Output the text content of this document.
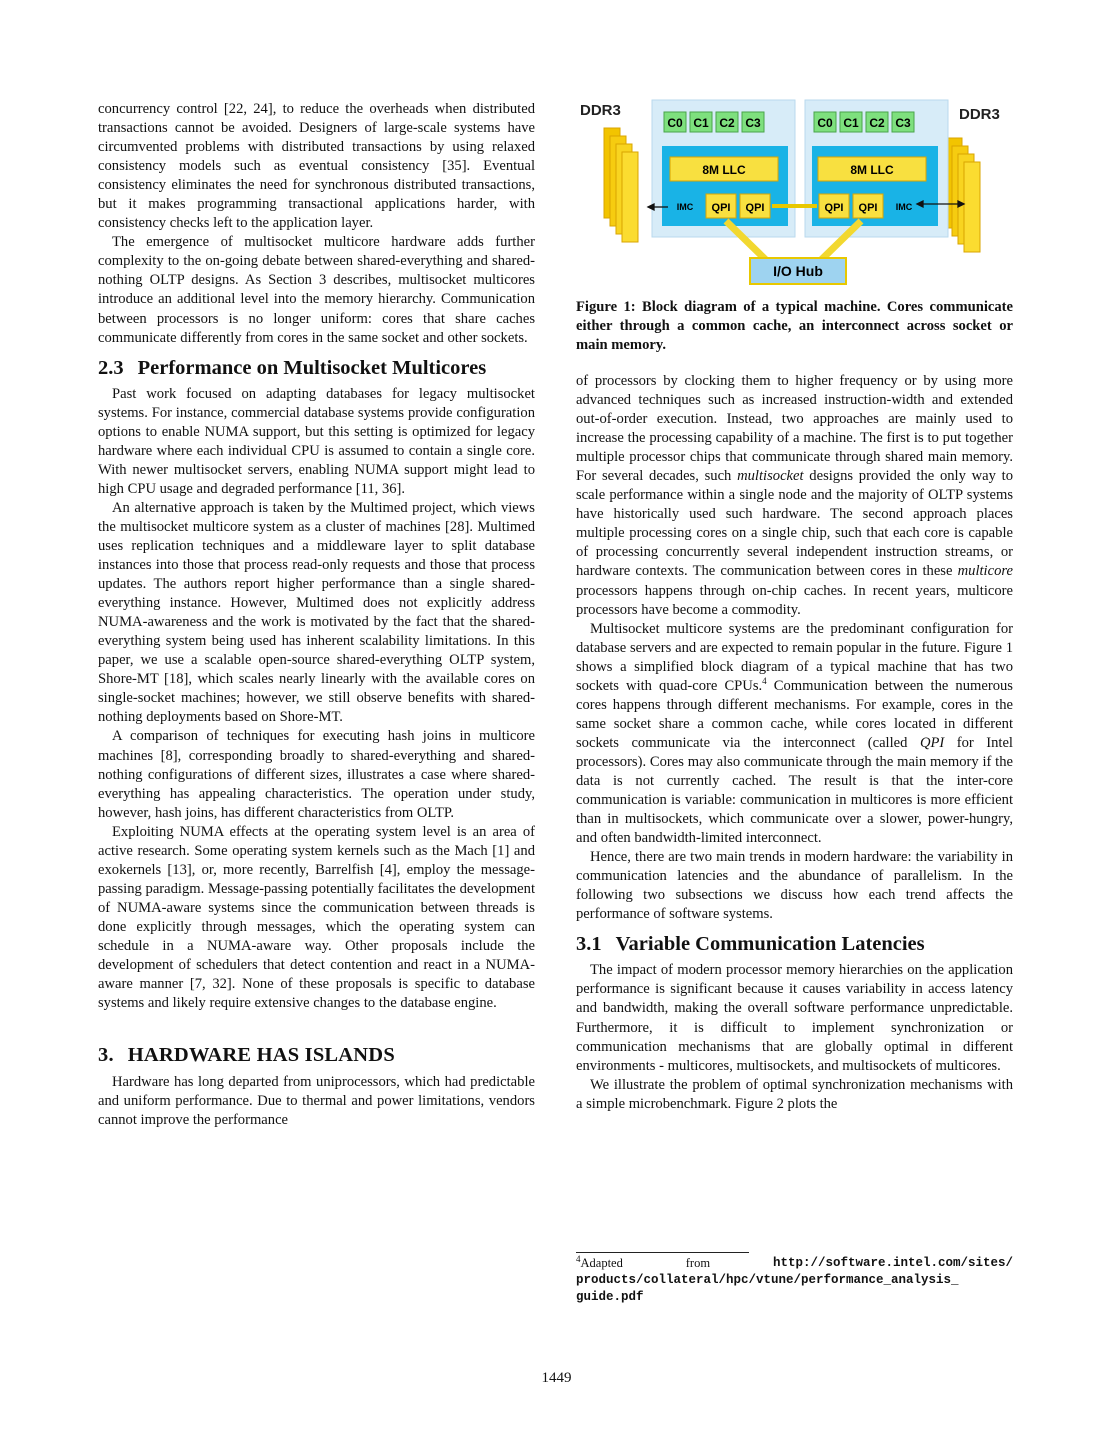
concurrency control [22, 24], to reduce the overheads when distributed transactions cannot be avoided. Designers of large-scale systems have circumvented problems with distributed transactions by using relaxed consistency models such as eventual consistency [35]. Eventual consistency eliminates the need for synchronous distributed transactions, but it makes programming transactional applications harder, with consistency checks left to the application layer.

The emergence of multisocket multicore hardware adds further complexity to the on-going debate between shared-everything and shared-nothing OLTP designs. As Section 3 describes, multisocket multicores introduce an additional level into the memory hierarchy. Communication between processors is no longer uniform: cores that share caches communicate differently from cores in the same socket and other sockets.

2.3 Performance on Multisocket Multicores

Past work focused on adapting databases for legacy multisocket systems. For instance, commercial database systems provide configuration options to enable NUMA support, but this setting is optimized for legacy hardware where each individual CPU is assumed to contain a single core. With newer multisocket servers, enabling NUMA support might lead to high CPU usage and degraded performance [11, 36].

An alternative approach is taken by the Multimed project, which views the multisocket multicore system as a cluster of machines [28]. Multimed uses replication techniques and a middleware layer to split database instances into those that process read-only requests and those that process updates. The authors report higher performance than a single shared-everything instance. However, Multimed does not explicitly address NUMA-awareness and the work is motivated by the fact that the shared-everything system being used has inherent scalability limitations. In this paper, we use a scalable open-source shared-everything OLTP system, Shore-MT [18], which scales nearly linearly with the available cores on single-socket machines; however, we still observe benefits with shared-nothing deployments based on Shore-MT.

A comparison of techniques for executing hash joins in multicore machines [8], corresponding broadly to shared-everything and shared-nothing configurations of different sizes, illustrates a case where shared-everything has appealing characteristics. The operation under study, however, hash joins, has different characteristics from OLTP.

Exploiting NUMA effects at the operating system level is an area of active research. Some operating system kernels such as the Mach [1] and exokernels [13], or, more recently, Barrelfish [4], employ the message-passing paradigm. Message-passing potentially facilitates the development of NUMA-aware systems since the communication between threads is done explicitly through messages, which the operating system can schedule in a NUMA-aware way. Other proposals include the development of schedulers that detect contention and react in a NUMA-aware manner [7, 32]. None of these proposals is specific to database systems and likely require extensive changes to the database engine.

3. HARDWARE HAS ISLANDS

Hardware has long departed from uniprocessors, which had predictable and uniform performance. Due to thermal and power limitations, vendors cannot improve the performance

DDR3	DDR3
C0 C1 C2 C3
8M LLC
IMC QPI QPI
C0 C1 C2 C3
8M LLC
QPI QPI IMC
I/O Hub
Figure 1: Block diagram of a typical machine. Cores communicate either through a common cache, an interconnect across socket or main memory.

of processors by clocking them to higher frequency or by using more advanced techniques such as increased instruction-width and extended out-of-order execution. Instead, two approaches are mainly used to increase the processing capability of a machine. The first is to put together multiple processor chips that communicate through shared main memory. For several decades, such multisocket designs provided the only way to scale performance within a single node and the majority of OLTP systems have historically used such hardware. The second approach places multiple processing cores on a single chip, such that each core is capable of processing concurrently several independent instruction streams, or hardware contexts. The communication between cores in these multicore processors happens through on-chip caches. In recent years, multicore processors have become a commodity.

Multisocket multicore systems are the predominant configuration for database servers and are expected to remain popular in the future. Figure 1 shows a simplified block diagram of a typical machine that has two sockets with quad-core CPUs.$^4$ Communication between the numerous cores happens through different mechanisms. For example, cores in the same socket share a common cache, while cores located in different sockets communicate via the interconnect (called QPI for Intel processors). Cores may also communicate through the main memory if the data is not currently cached. The result is that the inter-core communication is variable: communication in multicores is more efficient than in multisockets, which communicate over a slower, power-hungry, and often bandwidth-limited interconnect.

Hence, there are two main trends in modern hardware: the variability in communication latencies and the abundance of parallelism. In the following two subsections we discuss how each trend affects the performance of software systems.

3.1 Variable Communication Latencies

The impact of modern processor memory hierarchies on the application performance is significant because it causes variability in access latency and bandwidth, making the overall software performance unpredictable. Furthermore, it is difficult to implement synchronization or communication mechanisms that are globally optimal in different environments - multicores, multisockets, and multisockets of multicores.

We illustrate the problem of optimal synchronization mechanisms with a simple microbenchmark. Figure 2 plots the

$^4$Adapted	from	http://software.intel.com/sites/
products/collateral/hpc/vtune/performance_analysis_
guide.pdf
1449
